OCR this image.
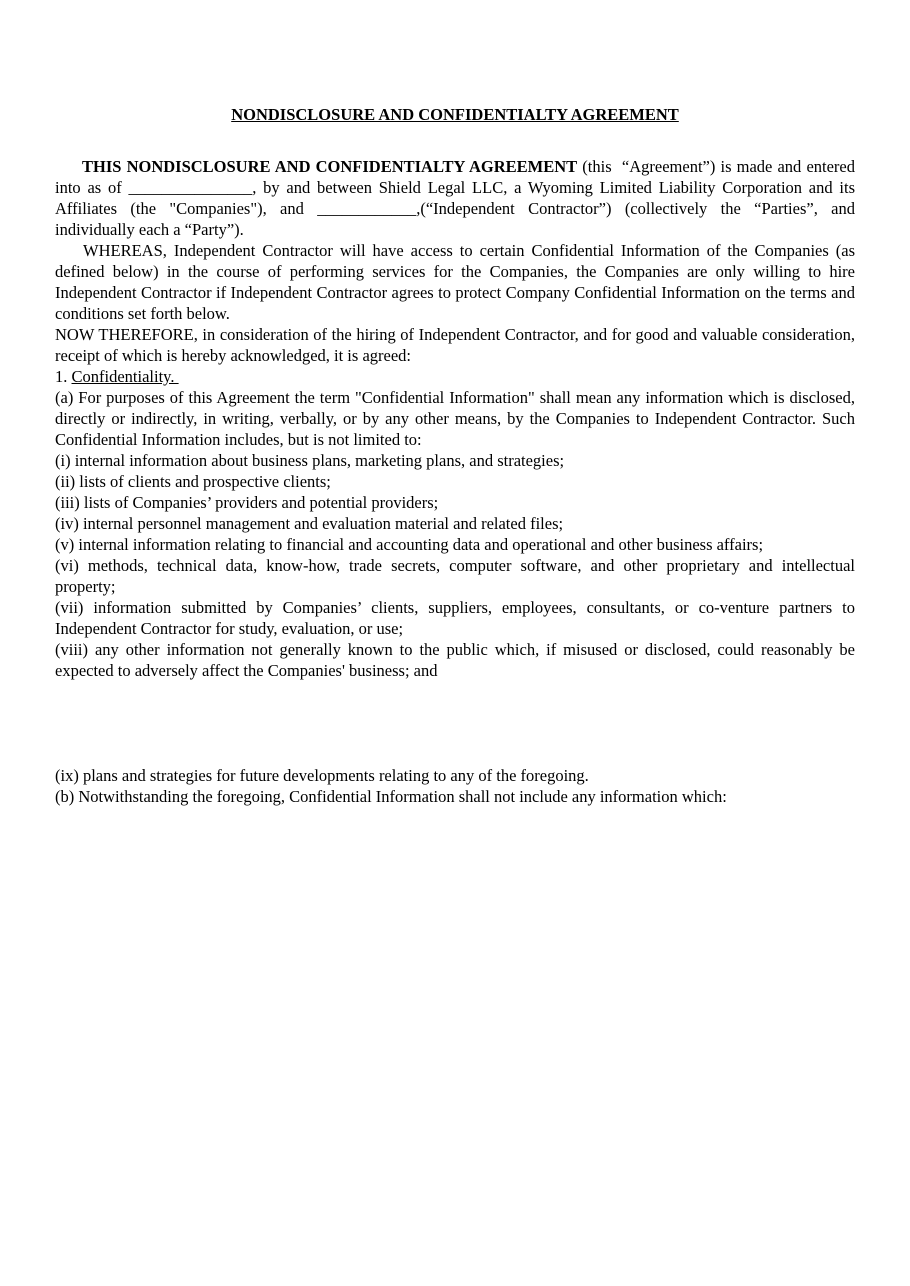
NONDISCLOSURE AND CONFIDENTIALTY AGREEMENT

THIS NONDISCLOSURE AND CONFIDENTIALTY AGREEMENT (this  “Agreement”) is made and entered into as of _______________, by and between Shield Legal LLC, a Wyoming Limited Liability Corporation and its Affiliates (the "Companies"), and ____________,(“Independent Contractor”) (collectively the “Parties”, and individually each a “Party”).

WHEREAS, Independent Contractor will have access to certain Confidential Information of the Companies (as defined below) in the course of performing services for the Companies, the Companies are only willing to hire Independent Contractor if Independent Contractor agrees to protect Company Confidential Information on the terms and conditions set forth below.

NOW THEREFORE, in consideration of the hiring of Independent Contractor, and for good and valuable consideration, receipt of which is hereby acknowledged, it is agreed:

1. Confidentiality.

(a) For purposes of this Agreement the term "Confidential Information" shall mean any information which is disclosed, directly or indirectly, in writing, verbally, or by any other means, by the Companies to Independent Contractor. Such Confidential Information includes, but is not limited to:

(i) internal information about business plans, marketing plans, and strategies;

(ii) lists of clients and prospective clients;

(iii) lists of Companies’ providers and potential providers;

(iv) internal personnel management and evaluation material and related files;

(v) internal information relating to financial and accounting data and operational and other business affairs;

(vi) methods, technical data, know-how, trade secrets, computer software, and other proprietary and intellectual property;

(vii) information submitted by Companies’ clients, suppliers, employees, consultants, or co-venture partners to Independent Contractor for study, evaluation, or use;

(viii) any other information not generally known to the public which, if misused or disclosed, could reasonably be expected to adversely affect the Companies' business; and

(ix) plans and strategies for future developments relating to any of the foregoing.

(b) Notwithstanding the foregoing, Confidential Information shall not include any information which:
